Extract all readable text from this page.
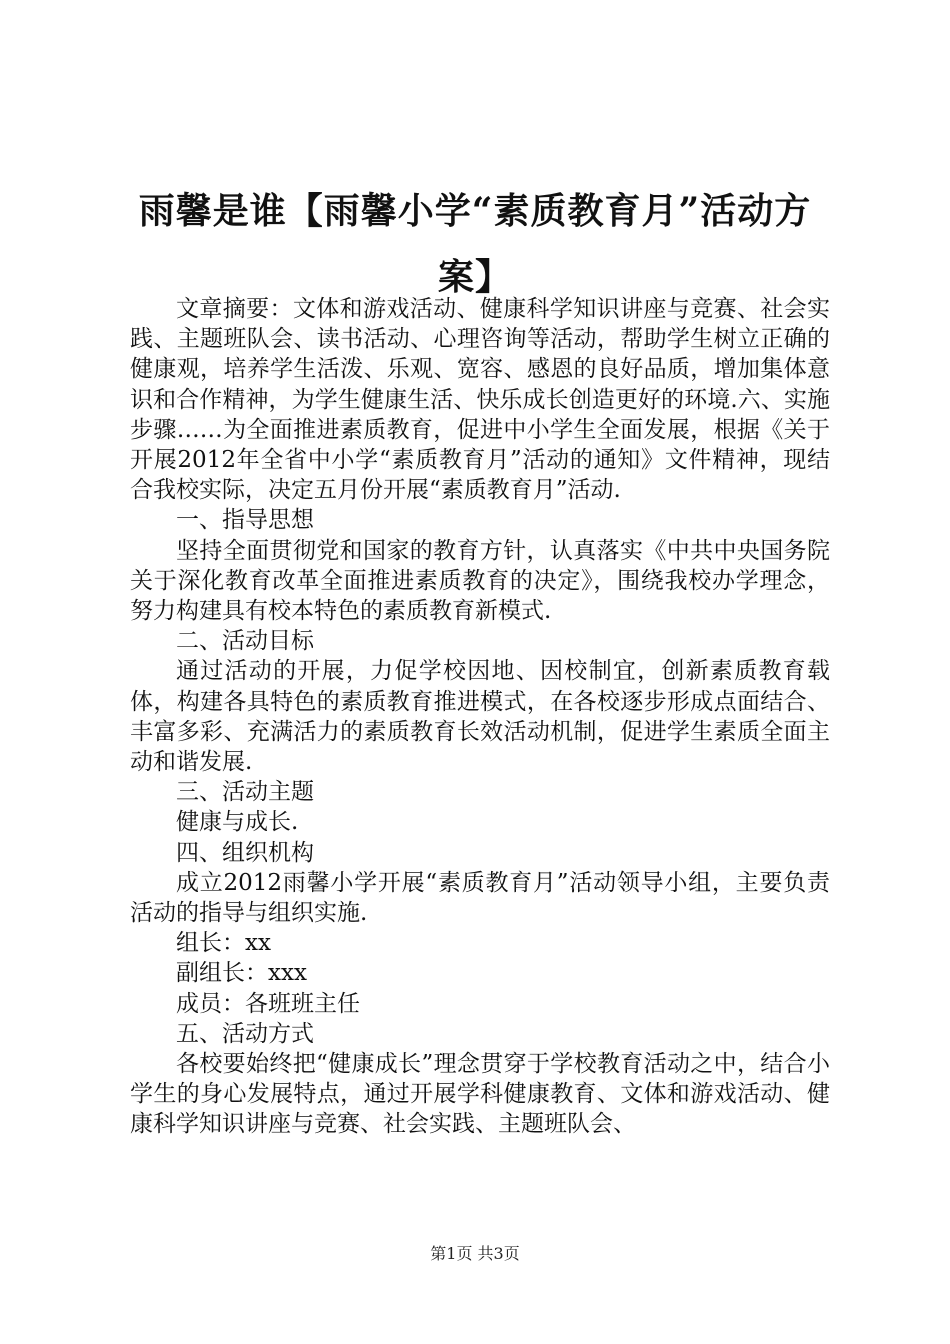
雨馨是谁【雨馨小学“素质教育月”活动方案】

文章摘要：文体和游戏活动、健康科学知识讲座与竞赛、社会实践、主题班队会、读书活动、心理咨询等活动，帮助学生树立正确的健康观，培养学生活泼、乐观、宽容、感恩的良好品质，增加集体意识和合作精神，为学生健康生活、快乐成长创造更好的环境.六、实施步骤……为全面推进素质教育，促进中小学生全面发展，根据《关于开展2012年全省中小学“素质教育月”活动的通知》文件精神，现结合我校实际，决定五月份开展“素质教育月”活动.

一、指导思想

坚持全面贯彻党和国家的教育方针，认真落实《中共中央国务院关于深化教育改革全面推进素质教育的决定》，围绕我校办学理念，努力构建具有校本特色的素质教育新模式.

二、活动目标

通过活动的开展，力促学校因地、因校制宜，创新素质教育载体，构建各具特色的素质教育推进模式，在各校逐步形成点面结合、丰富多彩、充满活力的素质教育长效活动机制，促进学生素质全面主动和谐发展.

三、活动主题

健康与成长.

四、组织机构

成立2012雨馨小学开展“素质教育月”活动领导小组，主要负责活动的指导与组织实施.

组长：xx

副组长：xxx

成员：各班班主任

五、活动方式

各校要始终把“健康成长”理念贯穿于学校教育活动之中，结合小学生的身心发展特点，通过开展学科健康教育、文体和游戏活动、健康科学知识讲座与竞赛、社会实践、主题班队会、

第1页 共3页
